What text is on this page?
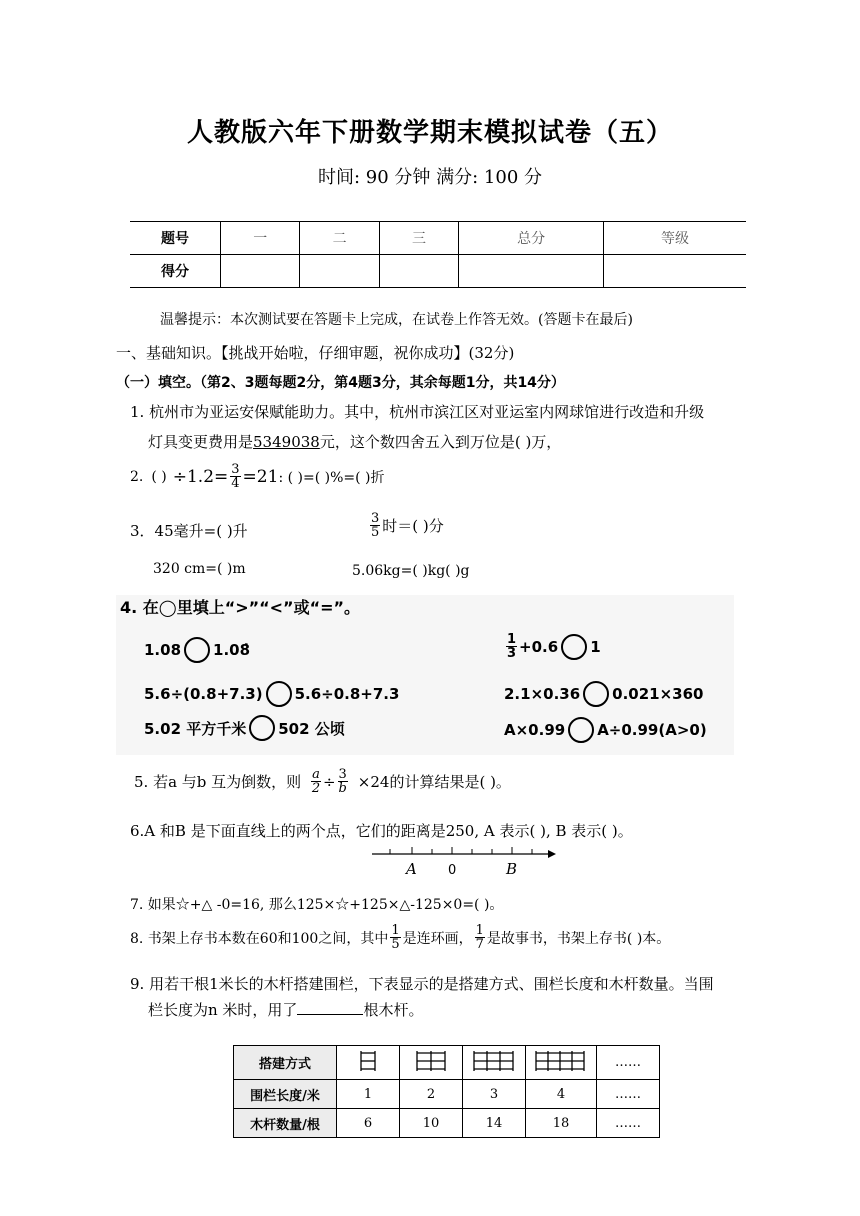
人教版六年下册数学期末模拟试卷（五）
时间: 90 分钟 满分: 100 分
题号	一	二	三	总分	等级
得分					
温馨提示：本次测试要在答题卡上完成，在试卷上作答无效。(答题卡在最后)
一、基础知识。【挑战开始啦，仔细审题，祝你成功】(32分)
（一）填空。（第2、3题每题2分，第4题3分，其余每题1分，共14分）
1. 杭州市为亚运安保赋能助力。其中，杭州市滨江区对亚运室内网球馆进行改造和升级
灯具变更费用是5349038元，这个数四舍五入到万位是( )万，
2. ( ) $\div 1.2= \frac{3}{4} =21$ : ( )=( )%=( )折
3．45毫升=( )升	$\frac{3}{5}$ 时＝( )分
320 cm=( )m	5.06kg=( )kg( )g
4. 在◯里填上“>”“<”或“=”。
1.08 1.08̇	$\frac{1}{3} +0.6$ 1
5.6÷(0.8+7.3) 5.6÷0.8+7.3	2.1×0.36 0.021×360
5.02 平方千米 502 公顷	A×0.99 A÷0.99(A>0)
5. 若a 与b 互为倒数，则 $\frac{a}{2} \div \frac{3}{b} \times 24$的计算结果是( )。
6.A 和B 是下面直线上的两个点，它们的距离是250, A 表示( ), B 表示( )。
A 0	B
7. 如果☆+△ -0=16, 那么125×☆+125×△-125×0=( )。
8. 书架上存书本数在60和100之间，其中 $\frac{1}{5}$ 是连环画， $\frac{1}{7}$ 是故事书，书架上存书( )本。
9. 用若干根1米长的木杆搭建围栏，下表显示的是搭建方式、围栏长度和木杆数量。当围
栏长度为n 米时，用了	根木杆。
搭建方式					……
围栏长度/米	1	2	3	4	……
木杆数量/根	6	10	14	18	……
